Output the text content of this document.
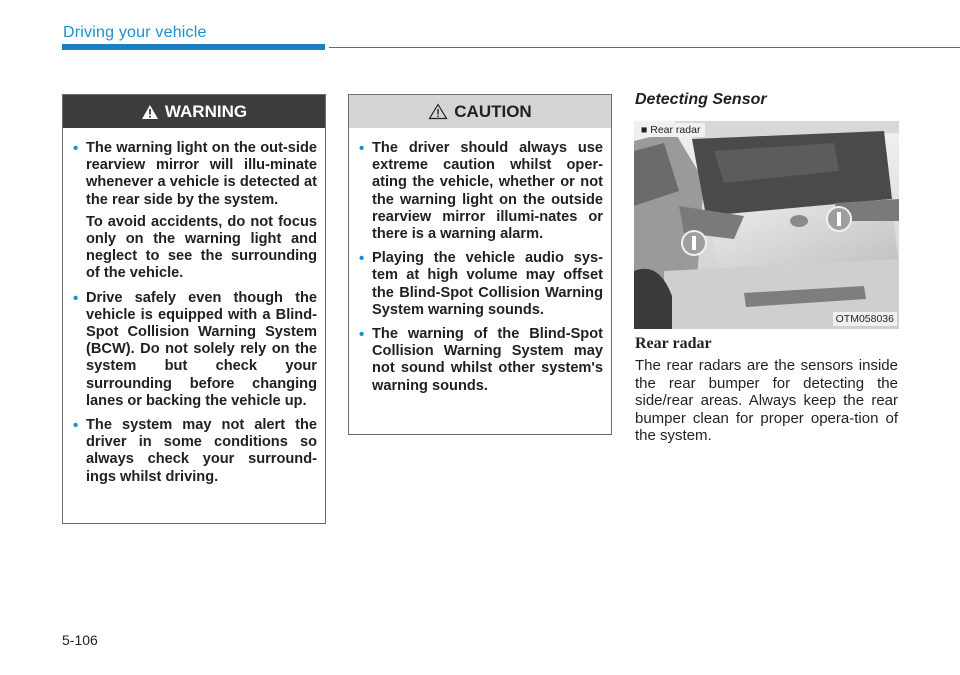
Driving your vehicle
WARNING
• The warning light on the out-side rearview mirror will illu-minate whenever a vehicle is detected at the rear side by the system.

To avoid accidents, do not focus only on the warning light and neglect to see the surrounding of the vehicle.

• Drive safely even though the vehicle is equipped with a Blind-Spot Collision Warning System (BCW). Do not solely rely on the system but check your surrounding before changing lanes or backing the vehicle up.

• The system may not alert the driver in some conditions so always check your surround-ings whilst driving.

CAUTION
• The driver should always use extreme caution whilst oper-ating the vehicle, whether or not the warning light on the outside rearview mirror illumi-nates or there is a warning alarm.

• Playing the vehicle audio sys-tem at high volume may offset the Blind-Spot Collision Warning System warning sounds.

• The warning of the Blind-Spot Collision Warning System may not sound whilst other system's warning sounds.

Detecting Sensor
■ Rear radar
OTM058036
Rear radar

The rear radars are the sensors inside the rear bumper for detecting the side/rear areas. Always keep the rear bumper clean for proper opera-tion of the system.

5-106
